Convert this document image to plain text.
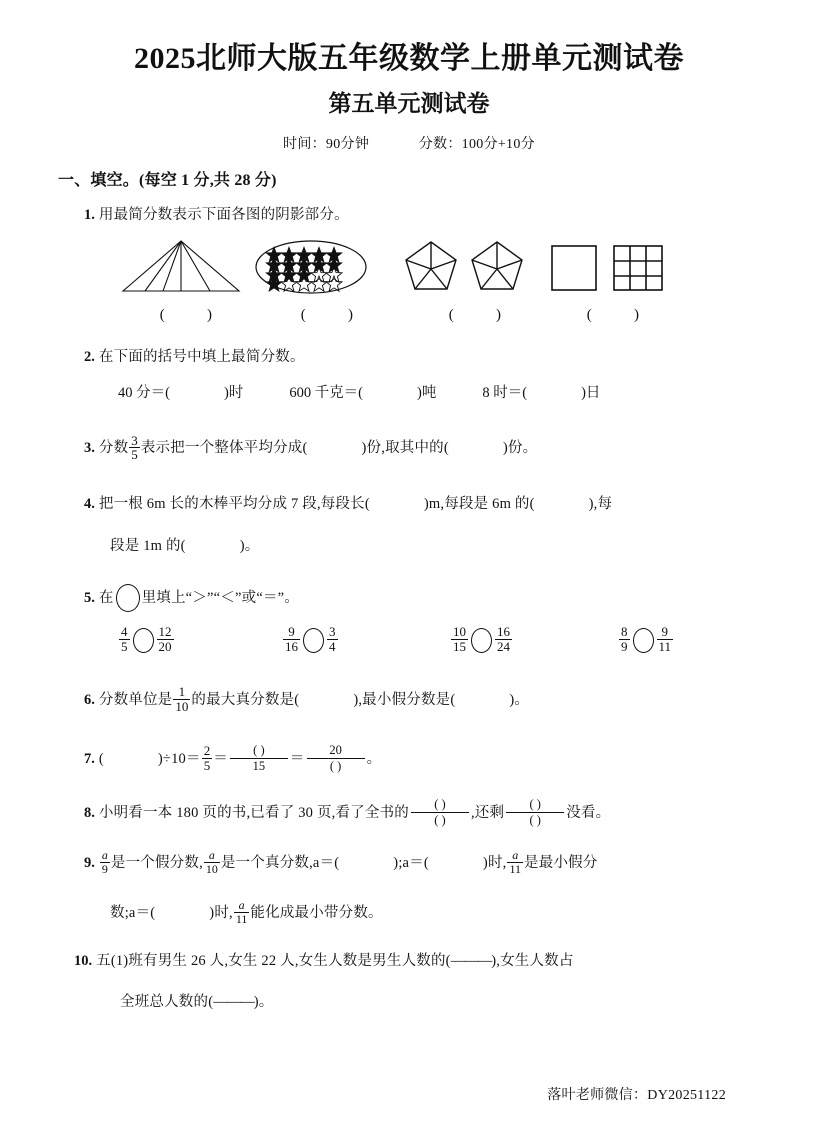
2025北师大版五年级数学上册单元测试卷
第五单元测试卷
时间：90分钟	分数：100分+10分
一、填空。(每空 1 分,共 28 分)
1. 用最简分数表示下面各图的阴影部分。
(	)	(	)	(	)	(	)
2. 在下面的括号中填上最简分数。
40 分＝(	)时	600 千克＝(	)吨	8 时＝(	)日
3. 分数 $\frac{3}{5}$ 表示把一个整体平均分成(	)份,取其中的(	)份。
4. 把一根 6m 长的木棒平均分成 7 段,每段长(	)m,每段是 6m 的(	),每
段是 1m 的(	)。
5. 在 里填上“＞”“＜”或“＝”。
$\frac{4}{5} \frac{12}{20}$	$\frac{9}{16} \frac{3}{4}$	$\frac{10}{15} \frac{16}{24}$	$\frac{8}{9} \frac{9}{11}$
6. 分数单位是 $\frac{1}{10}$ 的最大真分数是(	),最小假分数是(	)。
7. (	)$\div 10= \frac{2}{5} = \frac{( )}{15} = \frac{20}{( )}$ 。
8. 小明看一本 180 页的书,已看了 30 页,看了全书的 $\frac{( )}{( )}$ ,还剩 $\frac{( )}{( )}$ 没看。
9. $\frac{a}{9}$ 是一个假分数, $\frac{a}{10}$ 是一个真分数,a＝(	);a＝(	)时, $\frac{a}{11}$ 是最小假分
数;a＝(	)时, $\frac{a}{11}$ 能化成最小带分数。
10. 五(1)班有男生 26 人,女生 22 人,女生人数是男生人数的( ——— ),女生人数占
全班总人数的( ——— )。
落叶老师微信：DY20251122
